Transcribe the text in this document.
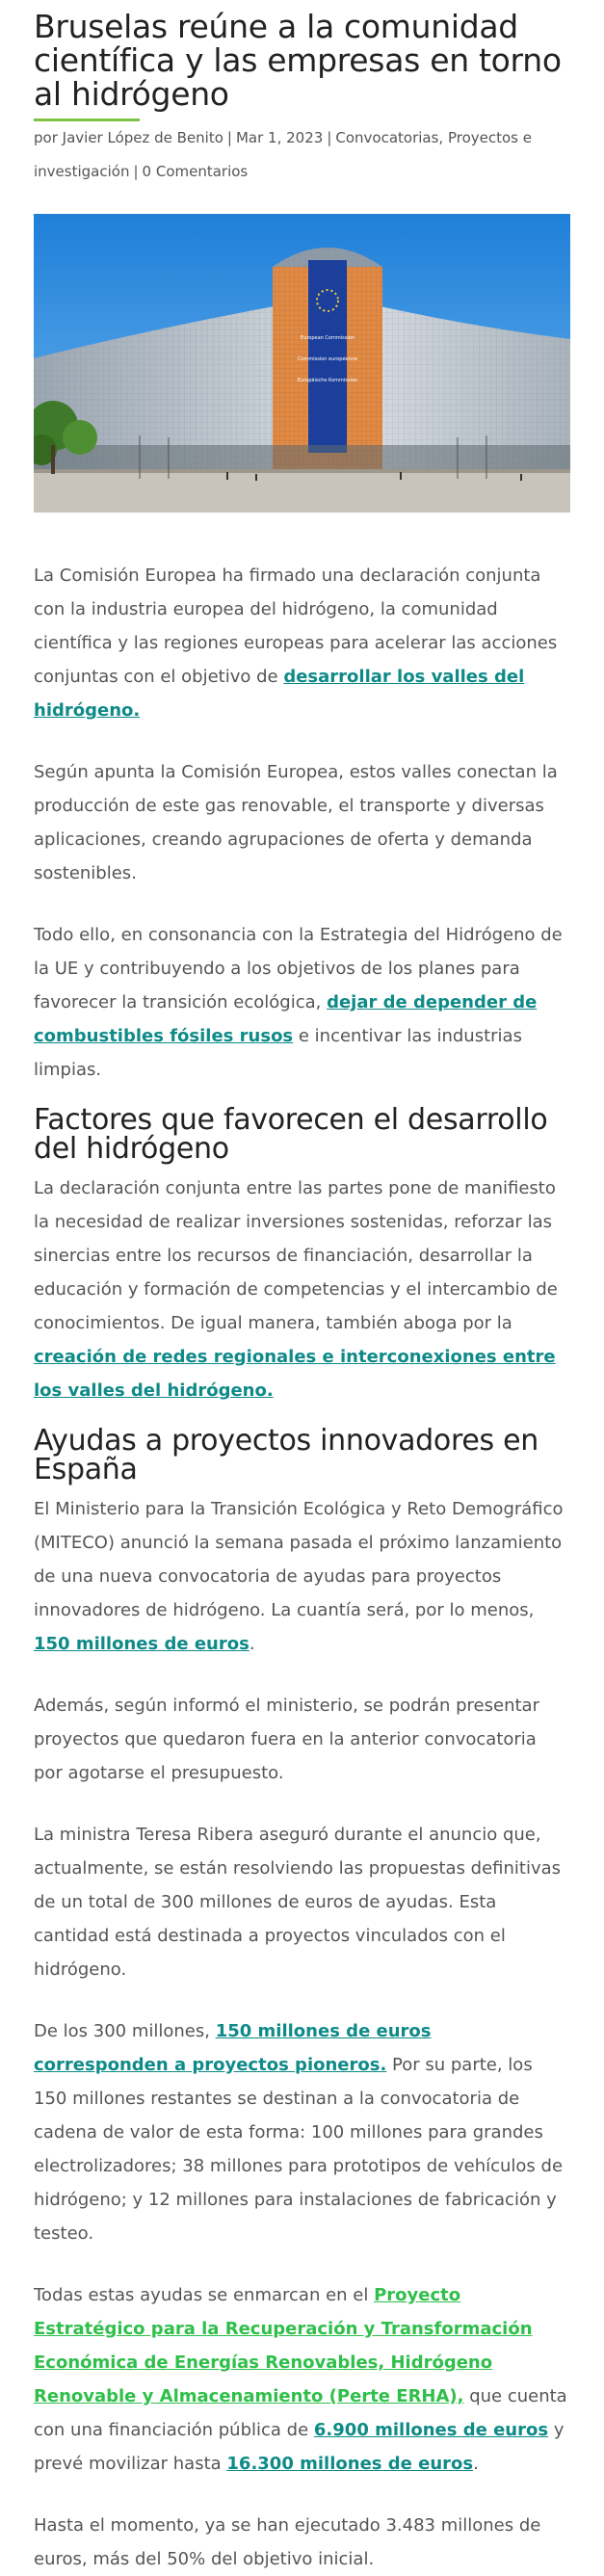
Bruselas reúne a la comunidad científica y las empresas en torno al hidrógeno
por Javier López de Benito | Mar 1, 2023 | Convocatorias, Proyectos e investigación | 0 Comentarios
European Commission
Commission européenne
Europäische Kommission

La Comisión Europea ha firmado una declaración conjunta con la industria europea del hidrógeno, la comunidad científica y las regiones europeas para acelerar las acciones conjuntas con el objetivo de desarrollar los valles del hidrógeno.

Según apunta la Comisión Europea, estos valles conectan la producción de este gas renovable, el transporte y diversas aplicaciones, creando agrupaciones de oferta y demanda sostenibles.

Todo ello, en consonancia con la Estrategia del Hidrógeno de la UE y contribuyendo a los objetivos de los planes para favorecer la transición ecológica, dejar de depender de combustibles fósiles rusos e incentivar las industrias limpias.

Factores que favorecen el desarrollo del hidrógeno

La declaración conjunta entre las partes pone de manifiesto la necesidad de realizar inversiones sostenidas, reforzar las sinercias entre los recursos de financiación, desarrollar la educación y formación de competencias y el intercambio de conocimientos. De igual manera, también aboga por la creación de redes regionales e interconexiones entre los valles del hidrógeno.

Ayudas a proyectos innovadores en España

El Ministerio para la Transición Ecológica y Reto Demográfico (MITECO) anunció la semana pasada el próximo lanzamiento de una nueva convocatoria de ayudas para proyectos innovadores de hidrógeno. La cuantía será, por lo menos, 150 millones de euros.

Además, según informó el ministerio, se podrán presentar proyectos que quedaron fuera en la anterior convocatoria por agotarse el presupuesto.

La ministra Teresa Ribera aseguró durante el anuncio que, actualmente, se están resolviendo las propuestas definitivas de un total de 300 millones de euros de ayudas. Esta cantidad está destinada a proyectos vinculados con el hidrógeno.

De los 300 millones, 150 millones de euros corresponden a proyectos pioneros. Por su parte, los 150 millones restantes se destinan a la convocatoria de cadena de valor de esta forma: 100 millones para grandes electrolizadores; 38 millones para prototipos de vehículos de hidrógeno; y 12 millones para instalaciones de fabricación y testeo.

Todas estas ayudas se enmarcan en el Proyecto Estratégico para la Recuperación y Transformación Económica de Energías Renovables, Hidrógeno Renovable y Almacenamiento (Perte ERHA), que cuenta con una financiación pública de 6.900 millones de euros y prevé movilizar hasta 16.300 millones de euros.

Hasta el momento, ya se han ejecutado 3.483 millones de euros, más del 50% del objetivo inicial.
